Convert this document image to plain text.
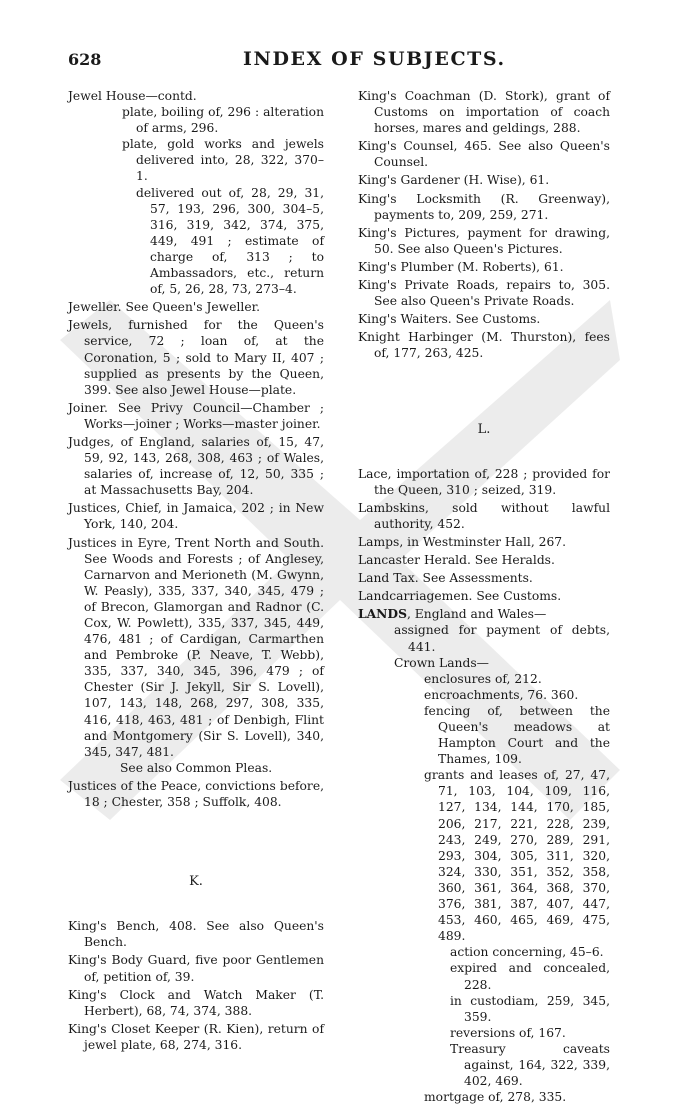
628	INDEX OF SUBJECTS.

Jewel House—contd.

plate, boiling of, 296 : alteration of arms, 296.

plate, gold works and jewels delivered into, 28, 322, 370–1.

delivered out of, 28, 29, 31, 57, 193, 296, 300, 304–5, 316, 319, 342, 374, 375, 449, 491 ; estimate of charge of, 313 ; to Ambassadors, etc., return of, 5, 26, 28, 73, 273–4.

Jeweller. See Queen's Jeweller.

Jewels, furnished for the Queen's service, 72 ; loan of, at the Coronation, 5 ; sold to Mary II, 407 ; supplied as presents by the Queen, 399. See also Jewel House—plate.

Joiner. See Privy Council—Chamber ; Works—joiner ; Works—master joiner.

Judges, of England, salaries of, 15, 47, 59, 92, 143, 268, 308, 463 ; of Wales, salaries of, increase of, 12, 50, 335 ; at Massachusetts Bay, 204.

Justices, Chief, in Jamaica, 202 ; in New York, 140, 204.

Justices in Eyre, Trent North and South. See Woods and Forests ; of Anglesey, Carnarvon and Merioneth (M. Gwynn, W. Peasly), 335, 337, 340, 345, 479 ; of Brecon, Glamorgan and Radnor (C. Cox, W. Powlett), 335, 337, 345, 449, 476, 481 ; of Cardigan, Carmarthen and Pembroke (P. Neave, T. Webb), 335, 337, 340, 345, 396, 479 ; of Chester (Sir J. Jekyll, Sir S. Lovell), 107, 143, 148, 268, 297, 308, 335, 416, 418, 463, 481 ; of Denbigh, Flint and Montgomery (Sir S. Lovell), 340, 345, 347, 481.

See also Common Pleas.

Justices of the Peace, convictions before, 18 ; Chester, 358 ; Suffolk, 408.

K.

King's Bench, 408. See also Queen's Bench.

King's Body Guard, five poor Gentlemen of, petition of, 39.

King's Clock and Watch Maker (T. Herbert), 68, 74, 374, 388.

King's Closet Keeper (R. Kien), return of jewel plate, 68, 274, 316.

King's Coachman (D. Stork), grant of Customs on importation of coach horses, mares and geldings, 288.

King's Counsel, 465. See also Queen's Counsel.

King's Gardener (H. Wise), 61.

King's Locksmith (R. Greenway), payments to, 209, 259, 271.

King's Pictures, payment for drawing, 50. See also Queen's Pictures.

King's Plumber (M. Roberts), 61.

King's Private Roads, repairs to, 305. See also Queen's Private Roads.

King's Waiters. See Customs.

Knight Harbinger (M. Thurston), fees of, 177, 263, 425.

L.

Lace, importation of, 228 ; provided for the Queen, 310 ; seized, 319.

Lambskins, sold without lawful authority, 452.

Lamps, in Westminster Hall, 267.

Lancaster Herald. See Heralds.

Land Tax. See Assessments.

Landcarriagemen. See Customs.

LANDS, England and Wales—

assigned for payment of debts, 441.

Crown Lands—

enclosures of, 212.

encroachments, 76. 360.

fencing of, between the Queen's meadows at Hampton Court and the Thames, 109.

grants and leases of, 27, 47, 71, 103, 104, 109, 116, 127, 134, 144, 170, 185, 206, 217, 221, 228, 239, 243, 249, 270, 289, 291, 293, 304, 305, 311, 320, 324, 330, 351, 352, 358, 360, 361, 364, 368, 370, 376, 381, 387, 407, 447, 453, 460, 465, 469, 475, 489.

action concerning, 45–6.

expired and concealed, 228.

in custodiam, 259, 345, 359.

reversions of, 167.

Treasury caveats against, 164, 322, 339, 402, 469.

mortgage of, 278, 335.
